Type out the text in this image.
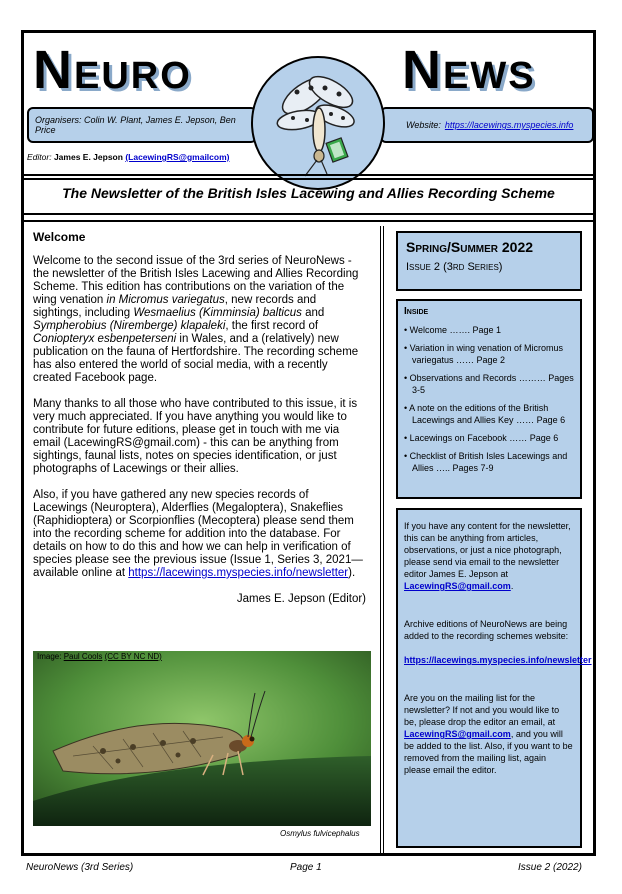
Neuro	News
Organisers: Colin W. Plant, James E. Jepson, Ben Price	Website: https://lacewings.myspecies.info
Editor: James E. Jepson (LacewingRS@gmailcom)
The Newsletter of the British Isles Lacewing and Allies Recording Scheme
Welcome

Welcome to the second issue of the 3rd series of NeuroNews - the newsletter of the British Isles Lacewing and Allies Recording Scheme. This edition has contributions on the variation of the wing venation in Micromus variegatus, new records and sightings, including Wesmaelius (Kimminsia) balticus and Sympherobius (Nirembergе) klapaleki, the first record of Coniopteryx esbenpeterseni in Wales, and a (relatively) new publication on the fauna of Hertfordshire. The recording scheme has also entered the world of social media, with a recently created Facebook page.

Many thanks to all those who have contributed to this issue, it is very much appreciated. If you have anything you would like to contribute for future editions, please get in touch with me via email (LacewingRS@gmail.com) - this can be anything from sightings, faunal lists, notes on species identification, or just photographs of Lacewings or their allies.

Also, if you have gathered any new species records of Lacewings (Neuroptera), Alderflies (Megaloptera), Snakeflies (Raphidioptera) or Scorpionflies (Mecoptera) please send them into the recording scheme for addition into the database. For details on how to do this and how we can help in verification of species please see the previous issue (Issue 1, Series 3, 2021—available online at https://lacewings.myspecies.info/newsletter).

James E. Jepson (Editor)

Image: Paul Cools (CC BY NC ND)
Osmylus fulvicephalus
Spring/Summer 2022
Issue 2 (3rd Series)
Inside
• Welcome ……. Page 1
• Variation in wing venation of Micromus variegatus …… Page 2
• Observations and Records ……… Pages 3-5
• A note on the editions of the British Lacewings and Allies Key …… Page 6
• Lacewings on Facebook …… Page 6
• Checklist of British Isles Lacewings and Allies ….. Pages 7-9

If you have any content for the newsletter, this can be anything from articles, observations, or just a nice photograph, please send via email to the newsletter editor James E. Jepson at LacewingRS@gmail.com.

Archive editions of NeuroNews are being added to the recording schemes website:

https://lacewings.myspecies.info/newsletter

Are you on the mailing list for the newsletter? If not and you would like to be, please drop the editor an email, at LacewingRS@gmail.com, and you will be added to the list. Also, if you want to be removed from the mailing list, again please email the editor.

NeuroNews (3rd Series)	Page 1	Issue 2 (2022)
